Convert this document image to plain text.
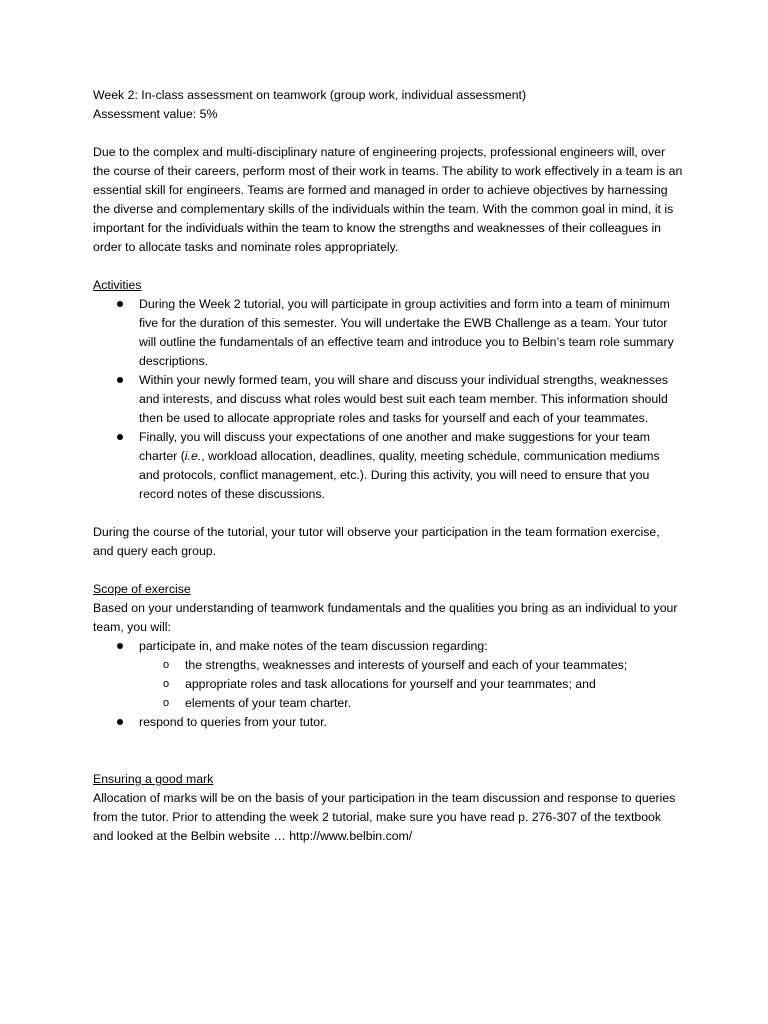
Week 2: In-class assessment on teamwork (group work, individual assessment)

Assessment value: 5%

Due to the complex and multi-disciplinary nature of engineering projects, professional engineers will, over the course of their careers, perform most of their work in teams. The ability to work effectively in a team is an essential skill for engineers. Teams are formed and managed in order to achieve objectives by harnessing the diverse and complementary skills of the individuals within the team. With the common goal in mind, it is important for the individuals within the team to know the strengths and weaknesses of their colleagues in order to allocate tasks and nominate roles appropriately.

Activities

During the Week 2 tutorial, you will participate in group activities and form into a team of minimum five for the duration of this semester. You will undertake the EWB Challenge as a team. Your tutor will outline the fundamentals of an effective team and introduce you to Belbin’s team role summary descriptions.
Within your newly formed team, you will share and discuss your individual strengths, weaknesses and interests, and discuss what roles would best suit each team member. This information should then be used to allocate appropriate roles and tasks for yourself and each of your teammates.
Finally, you will discuss your expectations of one another and make suggestions for your team charter (i.e., workload allocation, deadlines, quality, meeting schedule, communication mediums and protocols, conflict management, etc.). During this activity, you will need to ensure that you record notes of these discussions.

During the course of the tutorial, your tutor will observe your participation in the team formation exercise, and query each group.

Scope of exercise

Based on your understanding of teamwork fundamentals and the qualities you bring as an individual to your team, you will:

participate in, and make notes of the team discussion regarding:
o the strengths, weaknesses and interests of yourself and each of your teammates;
o appropriate roles and task allocations for yourself and your teammates; and
o elements of your team charter.
respond to queries from your tutor.

Ensuring a good mark

Allocation of marks will be on the basis of your participation in the team discussion and response to queries from the tutor. Prior to attending the week 2 tutorial, make sure you have read p. 276-307 of the textbook and looked at the Belbin website … http://www.belbin.com/
